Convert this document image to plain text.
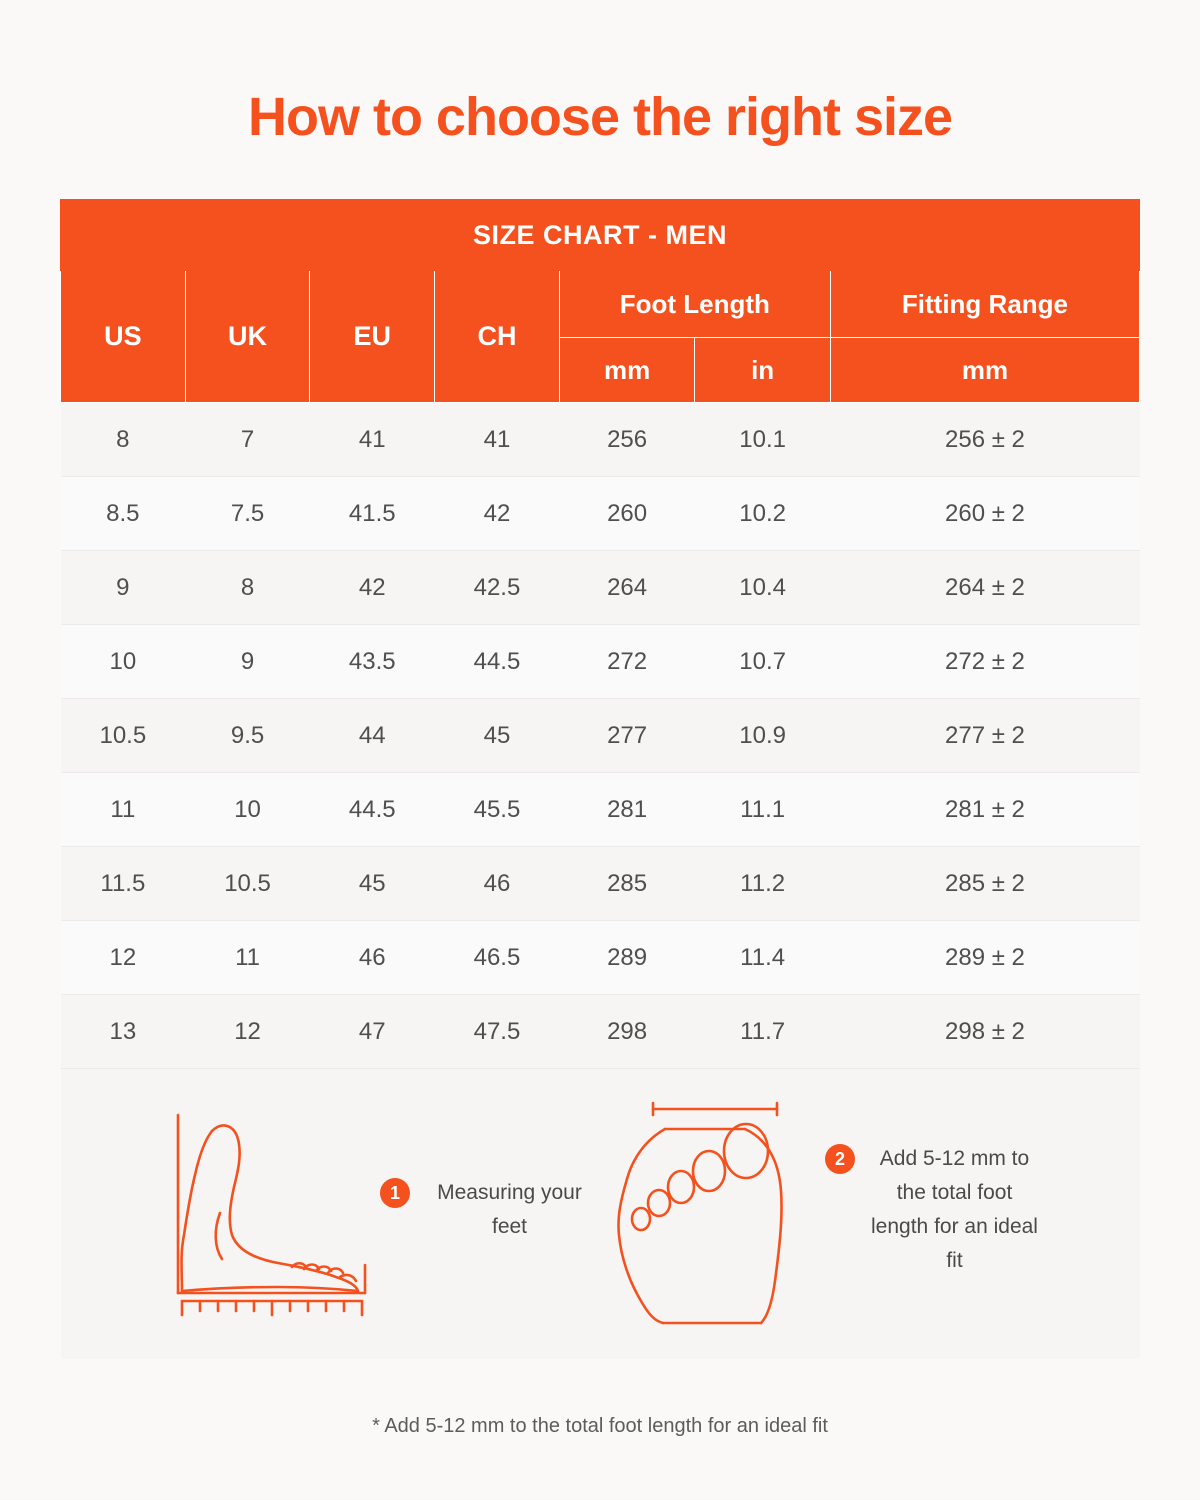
How to choose the right size
SIZE CHART - MEN						
US	UK	EU	CH	Foot Length		Fitting Range
				mm	in	mm
8	7	41	41	256	10.1	256 ± 2
8.5	7.5	41.5	42	260	10.2	260 ± 2
9	8	42	42.5	264	10.4	264 ± 2
10	9	43.5	44.5	272	10.7	272 ± 2
10.5	9.5	44	45	277	10.9	277 ± 2
11	10	44.5	45.5	281	11.1	281 ± 2
11.5	10.5	45	46	285	11.2	285 ± 2
12	11	46	46.5	289	11.4	289 ± 2
13	12	47	47.5	298	11.7	298 ± 2

1 Measuring your feet
2 Add 5-12 mm to the total foot length for an ideal fit						
* Add 5-12 mm to the total foot length for an ideal fit
